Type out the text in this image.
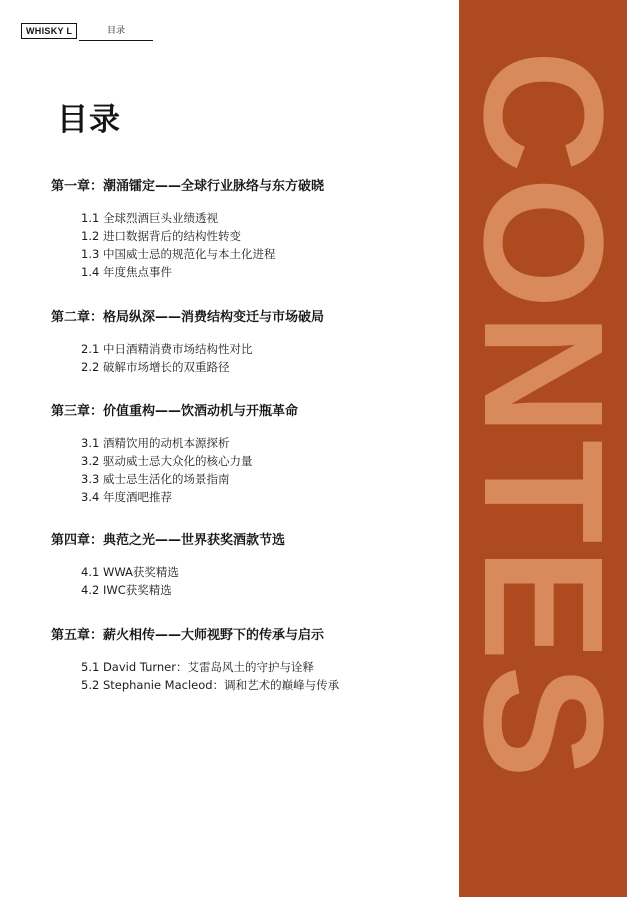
WHISKY L	目录
目录
第一章：潮涌镭定——全球行业脉络与东方破晓
1.1 全球烈酒巨头业绩透视
1.2 进口数据背后的结构性转变
1.3 中国威士忌的规范化与本土化进程
1.4 年度焦点事件
第二章：格局纵深——消费结构变迁与市场破局
2.1 中日酒精消费市场结构性对比
2.2 破解市场增长的双重路径
第三章：价值重构——饮酒动机与开瓶革命
3.1 酒精饮用的动机本源探析
3.2 驱动威士忌大众化的核心力量
3.3 威士忌生活化的场景指南
3.4 年度酒吧推荐
第四章：典范之光——世界获奖酒款节选
4.1 WWA获奖精选
4.2 IWC获奖精选
第五章：薪火相传——大师视野下的传承与启示
5.1 David Turner：艾雷岛风土的守护与诠释
5.2 Stephanie Macleod：调和艺术的巅峰与传承 CONTES
